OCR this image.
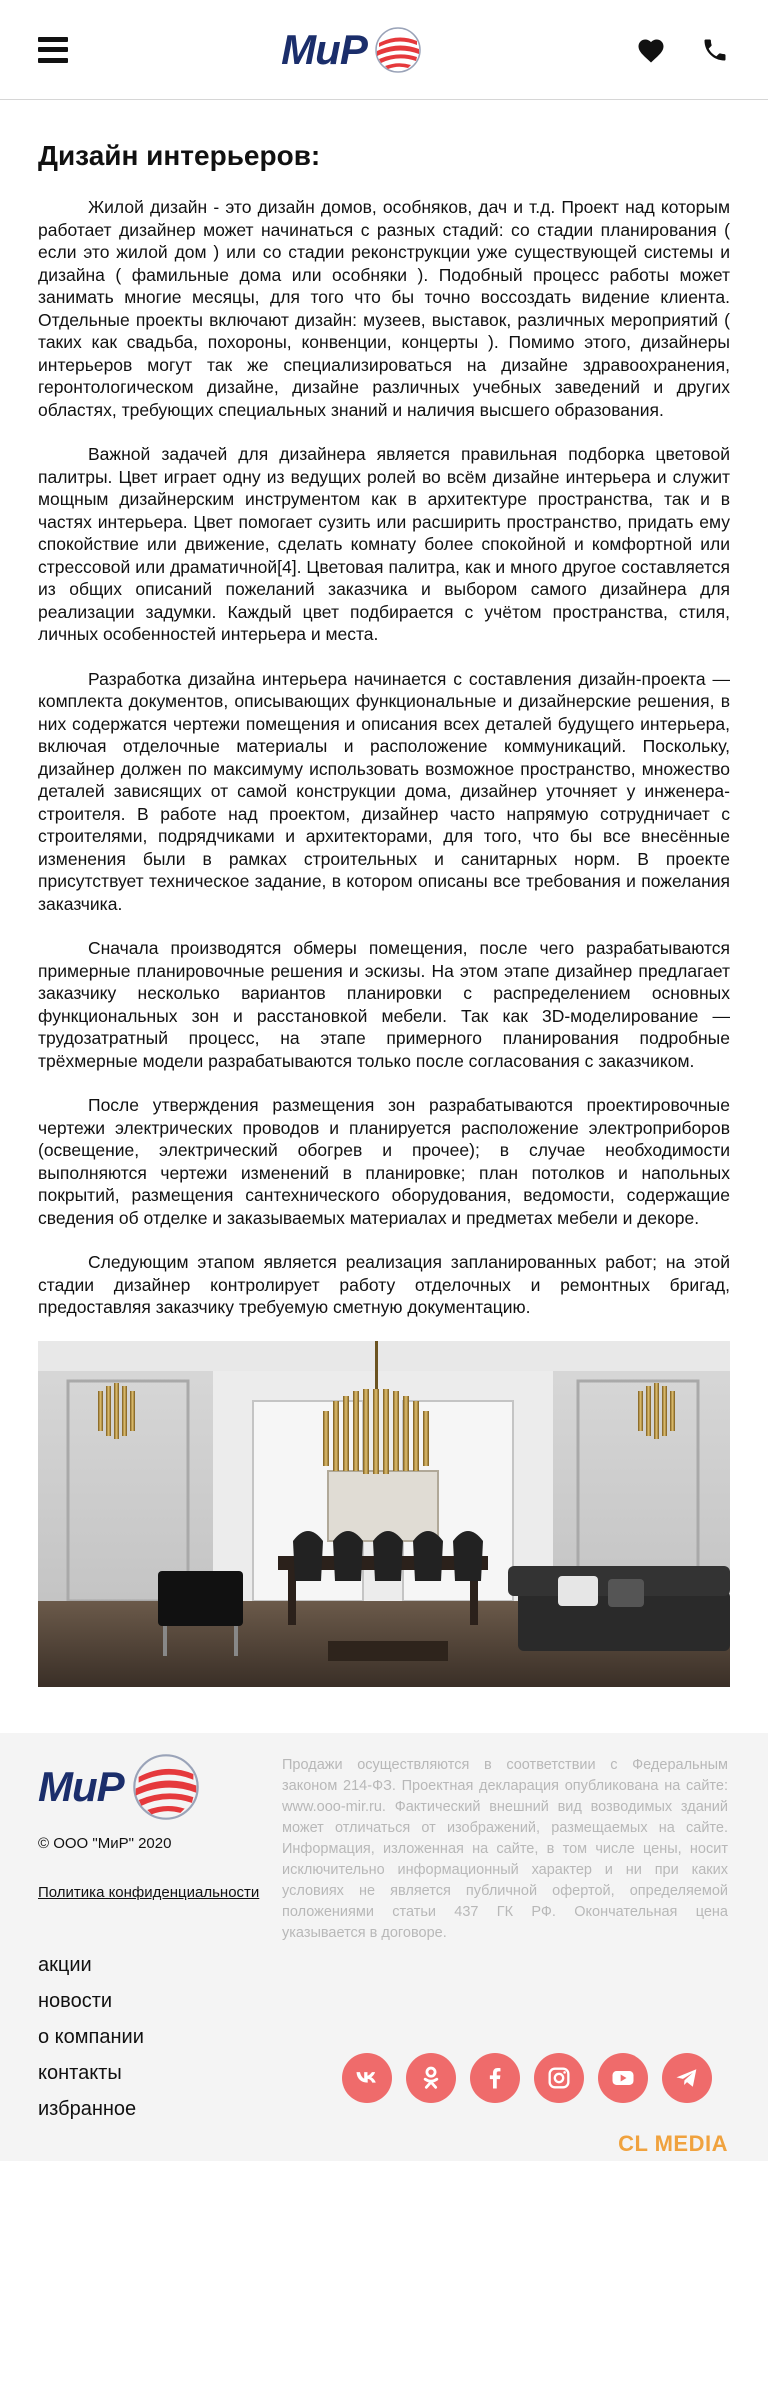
МиР
Дизайн интерьеров:

Жилой дизайн - это дизайн домов, особняков, дач и т.д. Проект над которым работает дизайнер может начинаться с разных стадий: со стадии планирования ( если это жилой дом ) или со стадии реконструкции уже существующей системы и дизайна ( фамильные дома или особняки ). Подобный процесс работы может занимать многие месяцы, для того что бы точно воссоздать видение клиента. Отдельные проекты включают дизайн: музеев, выставок, различных мероприятий ( таких как свадьба, похороны, конвенции, концерты ). Помимо этого, дизайнеры интерьеров могут так же специализироваться на дизайне здравоохранения, геронтологическом дизайне, дизайне различных учебных заведений и других областях, требующих специальных знаний и наличия высшего образования.

Важной задачей для дизайнера является правильная подборка цветовой палитры. Цвет играет одну из ведущих ролей во всём дизайне интерьера и служит мощным дизайнерским инструментом как в архитектуре пространства, так и в частях интерьера. Цвет помогает сузить или расширить пространство, придать ему спокойствие или движение, сделать комнату более спокойной и комфортной или стрессовой или драматичной[4]. Цветовая палитра, как и много другое составляется из общих описаний пожеланий заказчика и выбором самого дизайнера для реализации задумки. Каждый цвет подбирается с учётом пространства, стиля, личных особенностей интерьера и места.

Разработка дизайна интерьера начинается с составления дизайн-проекта — комплекта документов, описывающих функциональные и дизайнерские решения, в них содержатся чертежи помещения и описания всех деталей будущего интерьера, включая отделочные материалы и расположение коммуникаций. Поскольку, дизайнер должен по максимуму использовать возможное пространство, множество деталей зависящих от самой конструкции дома, дизайнер уточняет у инженера-строителя. В работе над проектом, дизайнер часто напрямую сотрудничает с строителями, подрядчиками и архитекторами, для того, что бы все внесённые изменения были в рамках строительных и санитарных норм. В проекте присутствует техническое задание, в котором описаны все требования и пожелания заказчика.

Сначала производятся обмеры помещения, после чего разрабатываются примерные планировочные решения и эскизы. На этом этапе дизайнер предлагает заказчику несколько вариантов планировки с распределением основных функциональных зон и расстановкой мебели. Так как 3D-моделирование — трудозатратный процесс, на этапе примерного планирования подробные трёхмерные модели разрабатываются только после согласования с заказчиком.

После утверждения размещения зон разрабатываются проектировочные чертежи электрических проводов и планируется расположение электроприборов (освещение, электрический обогрев и прочее); в случае необходимости выполняются чертежи изменений в планировке; план потолков и напольных покрытий, размещения сантехнического оборудования, ведомости, содержащие сведения об отделке и заказываемых материалах и предметах мебели и декоре.

Следующим этапом является реализация запланированных работ; на этой стадии дизайнер контролирует работу отделочных и ремонтных бригад, предоставляя заказчику требуемую сметную документацию.

МиР
© ООО "МиР" 2020
Политика конфиденциальности
акции
новости
о компании
контакты
избранное

Продажи осуществляются в соответствии с Федеральным законом 214-ФЗ. Проектная декларация опубликована на сайте: www.ooo-mir.ru. Фактический внешний вид возводимых зданий может отличаться от изображений, размещаемых на сайте. Информация, изложенная на сайте, в том числе цены, носит исключительно информационный характер и ни при каких условиях не является публичной офертой, определяемой положениями статьи 437 ГК РФ. Окончательная цена указывается в договоре.

CL MEDIA
